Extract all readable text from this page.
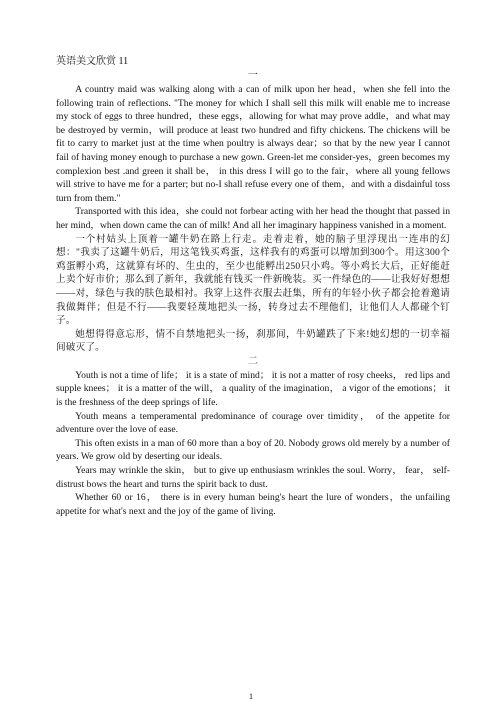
英语美文欣赏 11
一

A country maid was walking along with a can of milk upon her head，when she fell into the following train of reflections. "The money for which I shall sell this milk will enable me to increase my stock of eggs to three hundred，these eggs，allowing for what may prove addle，and what may be destroyed by vermin，will produce at least two hundred and fifty chickens. The chickens will be fit to carry to market just at the time when poultry is always dear；so that by the new year I cannot fail of having money enough to purchase a new gown. Green-let me consider-yes，green becomes my complexion best .and green it shall be， in this dress I will go to the fair，where all young fellows will strive to have me for a parter; but no-I shall refuse every one of them，and with a disdainful toss turn from them."

Transported with this idea，she could not forbear acting with her head the thought that passed in her mind，when down came the can of milk! And all her imaginary happiness vanished in a moment.

一个村姑头上顶着一罐牛奶在路上行走。走着走着，她的脑子里浮现出一连串的幻想："我卖了这罐牛奶后，用这笔钱买鸡蛋，这样我有的鸡蛋可以增加到300个。用这300个鸡蛋孵小鸡，这就算有坏的、生虫的，至少也能孵出250只小鸡。等小鸡长大后，正好能赶上卖个好市价；那么到了新年，我就能有钱买一件新晚装。买一件绿色的——让我好好想想——对，绿色与我的肤色最相衬。我穿上这件衣服去赶集，所有的年轻小伙子都会抢着邀请我做舞伴；但是不行——我要轻蔑地把头一扬，转身过去不理他们，让他们人人都碰个钉子。

她想得得意忘形，情不自禁地把头一扬，刹那间，牛奶罐跌了下来!她幻想的一切幸福间破灭了。

二

Youth is not a time of life； it is a state of mind； it is not a matter of rosy cheeks， red lips and supple knees； it is a matter of the will， a quality of the imagination， a vigor of the emotions； it is the freshness of the deep springs of life.

Youth means a temperamental predominance of courage over timidity， of the appetite for adventure over the love of ease.

This often exists in a man of 60 more than a boy of 20. Nobody grows old merely by a number of years. We grow old by deserting our ideals.

Years may wrinkle the skin， but to give up enthusiasm wrinkles the soul. Worry， fear， self-distrust bows the heart and turns the spirit back to dust.

Whether 60 or 16， there is in every human being's heart the lure of wonders，the unfailing appetite for what's next and the joy of the game of living.

1
